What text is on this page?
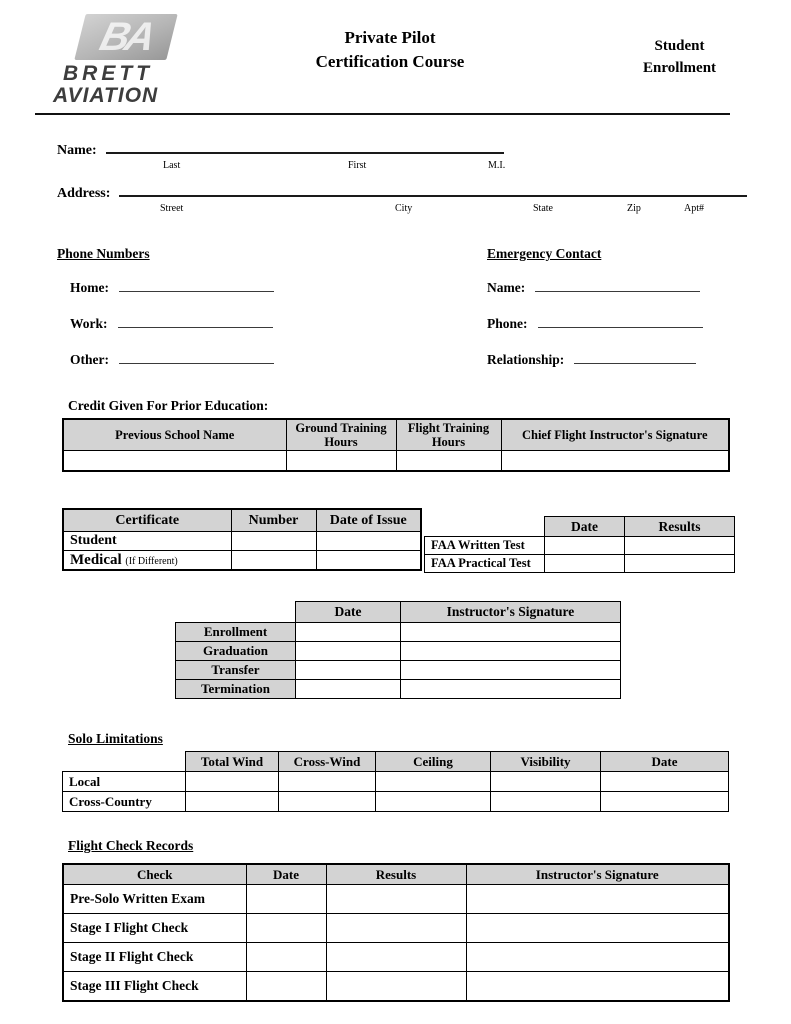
BA
BRETT
AVIATION
Private Pilot
Certification Course
Student
Enrollment
Name:
Last	First	M.I.
Address:
Street	City	State	Zip	Apt#
Phone Numbers
Home:
Work:
Other:
Emergency Contact
Name:
Phone:
Relationship:
Credit Given For Prior Education:
Previous School Name	Ground Training Hours	Flight Training Hours	Chief Flight Instructor's Signature

Certificate	Number	Date of Issue
Student		
Medical (If Different)		
	Date	Results
FAA Written Test		
FAA Practical Test		
	Date	Instructor's Signature
Enrollment		
Graduation		
Transfer		
Termination		
Solo Limitations
	Total Wind	Cross-Wind	Ceiling	Visibility	Date
Local					
Cross-Country					
Flight Check Records
Check	Date	Results	Instructor's Signature
Pre-Solo Written Exam			
Stage I Flight Check			
Stage II Flight Check			
Stage III Flight Check			
